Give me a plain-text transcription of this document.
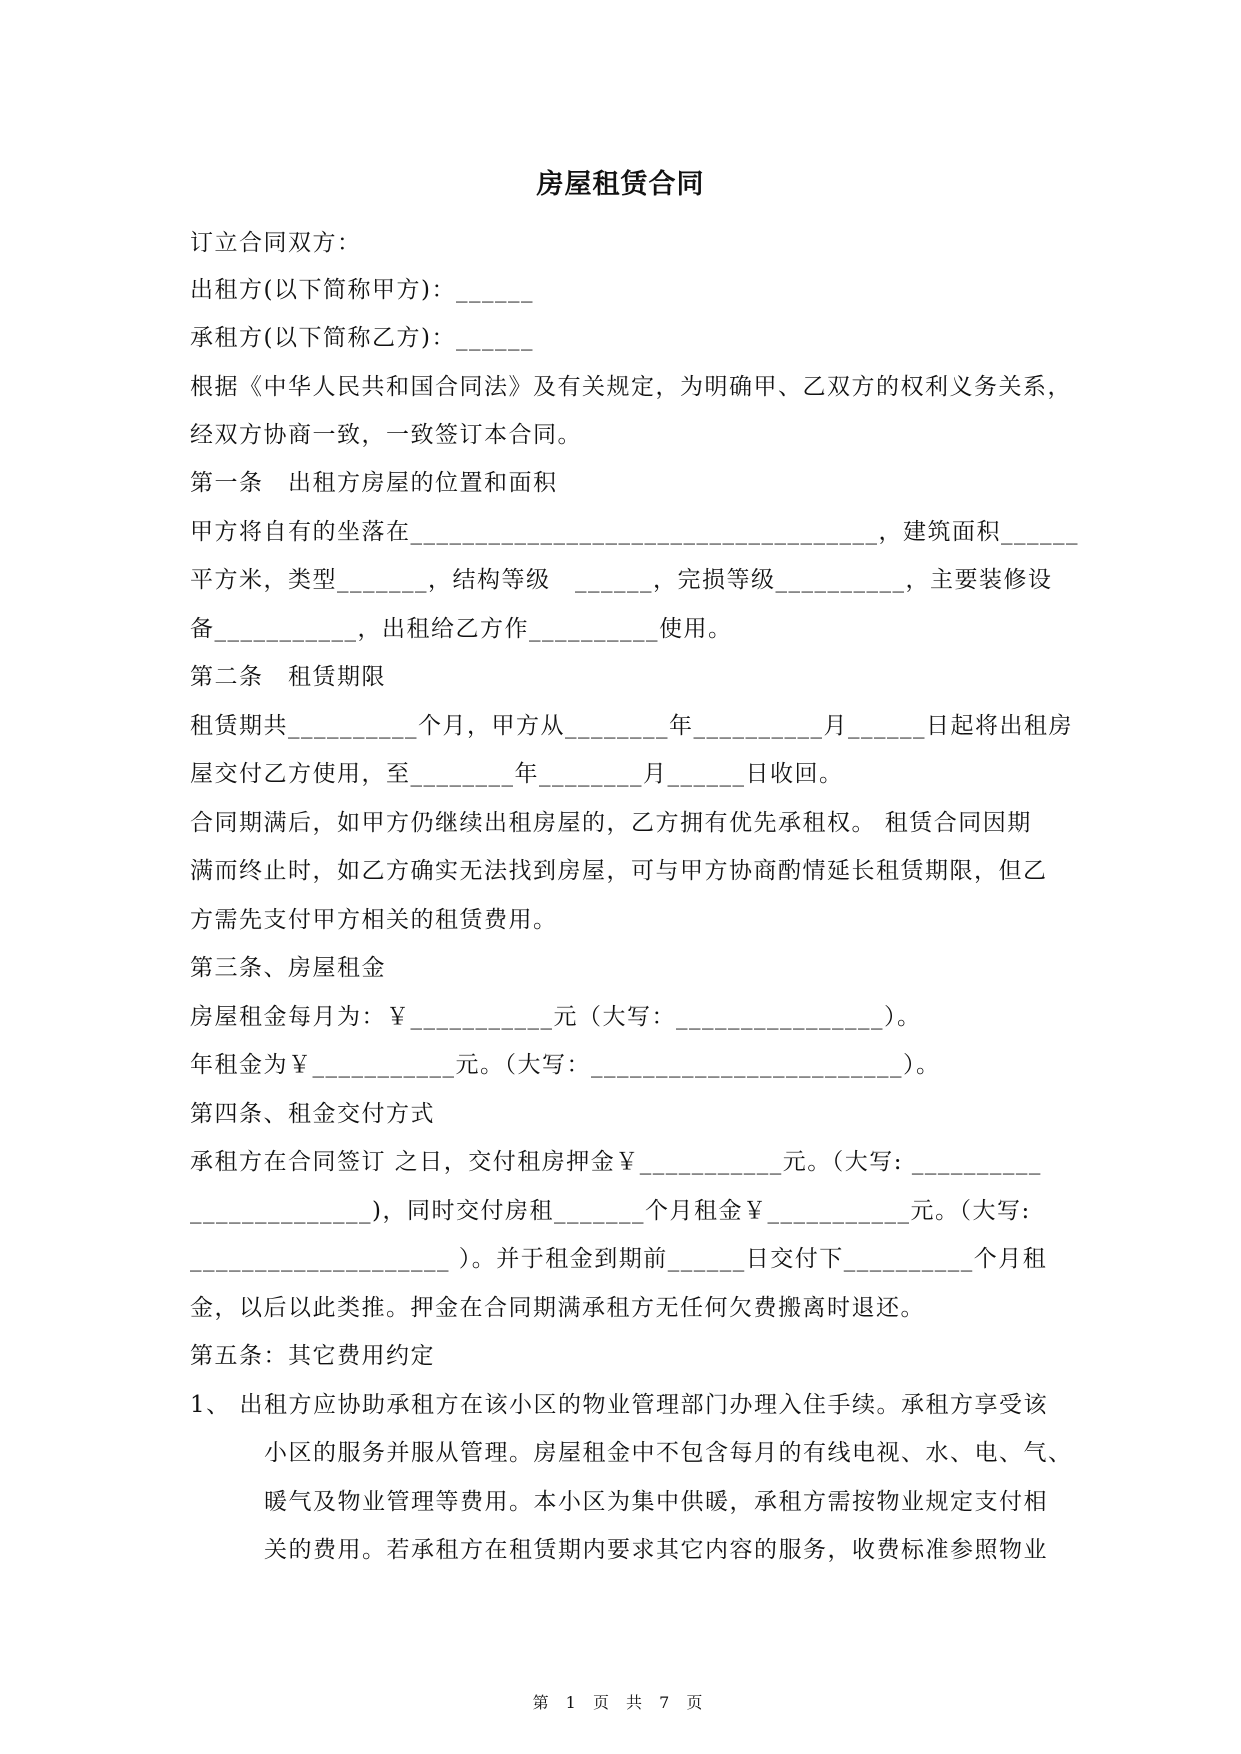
房屋租赁合同
订立合同双方：
出租方(以下简称甲方)：______
承租方(以下简称乙方)：______
根据《中华人民共和国合同法》及有关规定，为明确甲、乙双方的权利义务关系，
经双方协商一致，一致签订本合同。
第一条　出租方房屋的位置和面积
甲方将自有的坐落在____________________________________，建筑面积______
平方米，类型_______，结构等级　______，完损等级__________，主要装修设
备___________，出租给乙方作__________使用。
第二条　租赁期限
租赁期共__________个月，甲方从________年__________月______日起将出租房
屋交付乙方使用，至________年________月______日收回。
合同期满后，如甲方仍继续出租房屋的，乙方拥有优先承租权。 租赁合同因期
满而终止时，如乙方确实无法找到房屋，可与甲方协商酌情延长租赁期限，但乙
方需先支付甲方相关的租赁费用。
第三条、房屋租金
房屋租金每月为：￥___________元（大写：________________）。
年租金为￥___________元。（大写：________________________）。
第四条、租金交付方式
承租方在合同签订 之日，交付租房押金￥___________元。（大写: __________
______________)，同时交付房租_______个月租金￥___________元。（大写:
____________________ ）。并于租金到期前______日交付下__________个月租
金，以后以此类推。押金在合同期满承租方无任何欠费搬离时退还。
第五条：其它费用约定
1、 出租方应协助承租方在该小区的物业管理部门办理入住手续。承租方享受该
小区的服务并服从管理。房屋租金中不包含每月的有线电视、水、电、气、
暖气及物业管理等费用。本小区为集中供暖，承租方需按物业规定支付相
关的费用。若承租方在租赁期内要求其它内容的服务，收费标准参照物业
第 1 页 共 7 页
